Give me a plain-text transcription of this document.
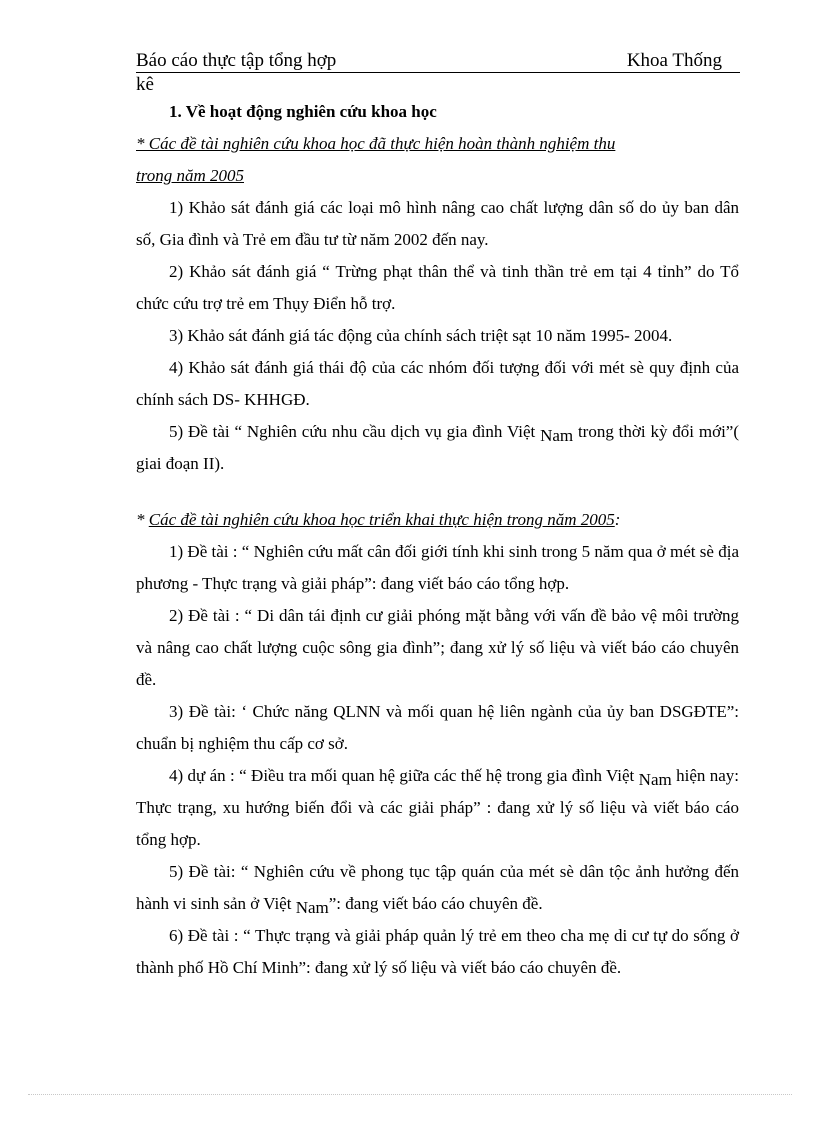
Báo cáo thực tập tổng hợp	Khoa Thống
kê

1. Về hoạt động nghiên cứu khoa học

* Các đề tài nghiên cứu khoa học đã thực hiện hoàn thành nghiệm thu

trong năm 2005

1) Khảo sát đánh giá các loại mô hình nâng cao chất lượng dân số do ủy ban dân số, Gia đình và Trẻ em đầu tư từ năm 2002 đến nay.

2) Khảo sát đánh giá “ Trừng phạt thân thể và tinh thần trẻ em tại 4 tỉnh” do Tổ chức cứu trợ trẻ em Thụy Điển hỗ trợ.

3) Khảo sát đánh giá tác động của chính sách triệt sạt 10 năm 1995- 2004.

4) Khảo sát đánh giá thái độ của các nhóm đối tượng đối với mét sè quy định của chính sách DS- KHHGĐ.

5) Đề tài “ Nghiên cứu nhu cầu dịch vụ gia đình Việt Nam trong thời kỳ đổi mới”( giai đoạn II).

* Các đề tài nghiên cứu khoa học triển khai thực hiện trong năm 2005:

1) Đề tài : “ Nghiên cứu mất cân đối giới tính khi sinh trong 5 năm qua ở mét sè địa phương - Thực trạng và giải pháp”: đang viết báo cáo tổng hợp.

2) Đề tài : “ Di dân tái định cư giải phóng mặt bằng với vấn đề bảo vệ môi trường và nâng cao chất lượng cuộc sông gia đình”; đang xử lý số liệu và viết báo cáo chuyên đề.

3) Đề tài: ‘ Chức năng QLNN và mối quan hệ liên ngành của ủy ban DSGĐTE”: chuẩn bị nghiệm thu cấp cơ sở.

4) dự án : “ Điều tra mối quan hệ giữa các thế hệ trong gia đình Việt Nam hiện nay: Thực trạng, xu hướng biến đổi và các giải pháp” : đang xử lý số liệu và viết báo cáo tổng hợp.

5) Đề tài: “ Nghiên cứu về phong tục tập quán của mét sè dân tộc ảnh hưởng đến hành vi sinh sản ở Việt Nam”: đang viết báo cáo chuyên đề.

6) Đề tài : “ Thực trạng và giải pháp quản lý trẻ em theo cha mẹ di cư tự do sống ở thành phố Hồ Chí Minh”: đang xử lý số liệu và viết báo cáo chuyên đề.
